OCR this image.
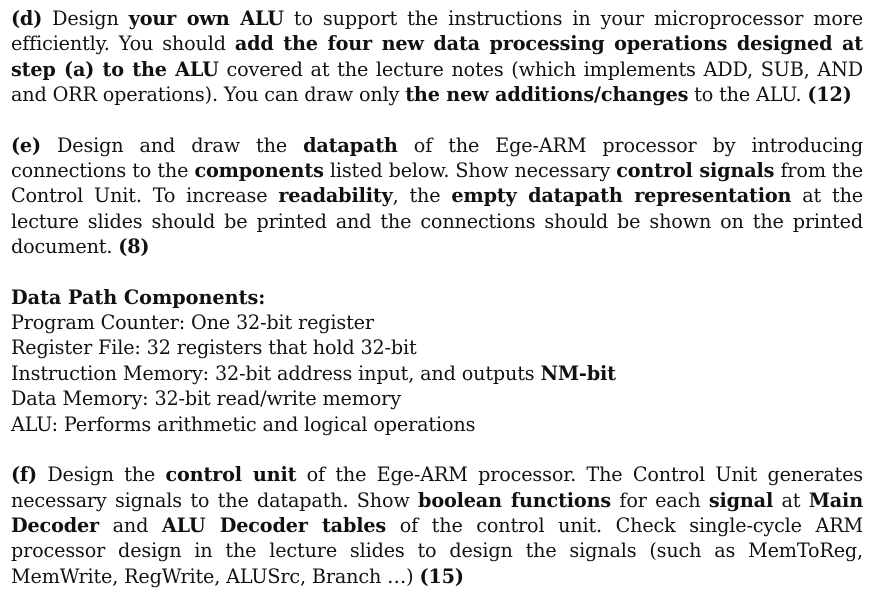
(d) Design your own ALU to support the instructions in your microprocessor more efficiently. You should add the four new data processing operations designed at step (a) to the ALU covered at the lecture notes (which implements ADD, SUB, AND and ORR operations). You can draw only the new additions/changes to the ALU. (12)

(e) Design and draw the datapath of the Ege-ARM processor by introducing connections to the components listed below. Show necessary control signals from the Control Unit. To increase readability, the empty datapath representation at the lecture slides should be printed and the connections should be shown on the printed document. (8)

Data Path Components:

Program Counter: One 32-bit register

Register File: 32 registers that hold 32-bit

Instruction Memory: 32-bit address input, and outputs NM-bit

Data Memory: 32-bit read/write memory

ALU: Performs arithmetic and logical operations

(f) Design the control unit of the Ege-ARM processor. The Control Unit generates necessary signals to the datapath. Show boolean functions for each signal at Main Decoder and ALU Decoder tables of the control unit. Check single-cycle ARM processor design in the lecture slides to design the signals (such as MemToReg, MemWrite, RegWrite, ALUSrc, Branch …) (15)
